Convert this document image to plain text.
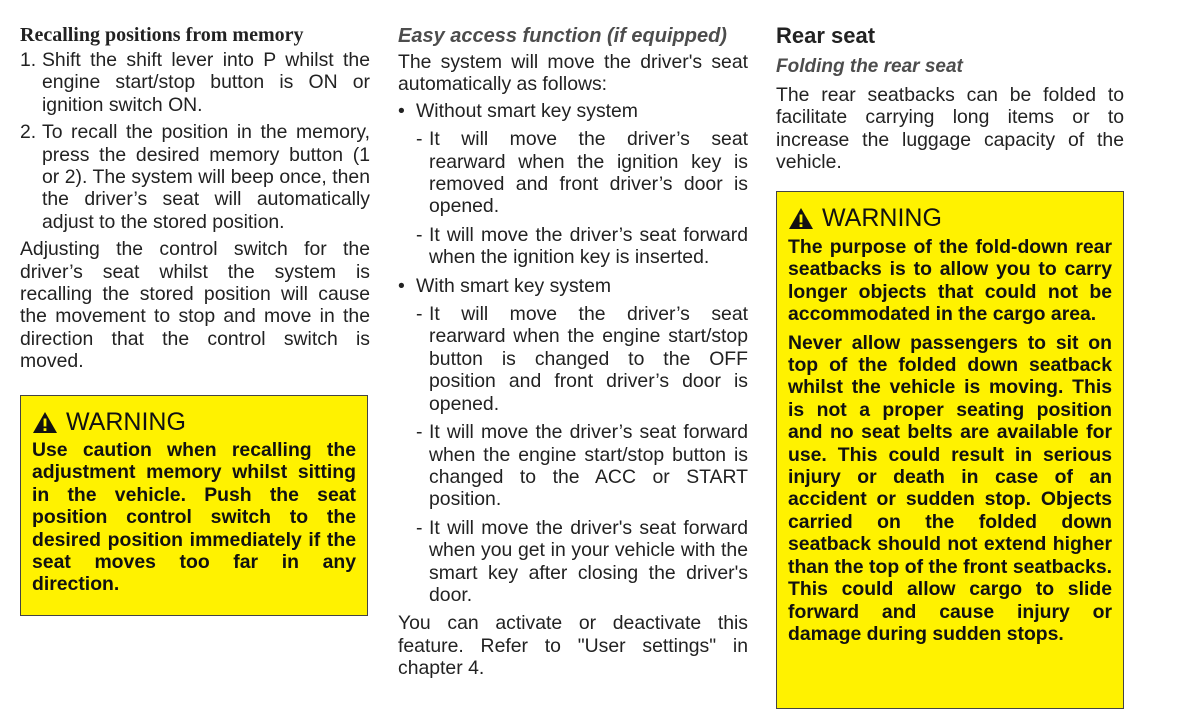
Recalling positions from memory
1. Shift the shift lever into P whilst the engine start/stop button is ON or ignition switch ON.
2. To recall the position in the memory, press the desired memory button (1 or 2). The system will beep once, then the driver’s seat will automatically adjust to the stored position.

Adjusting the control switch for the driver’s seat whilst the system is recalling the stored position will cause the movement to stop and move in the direction that the control switch is moved.

WARNING

Use caution when recalling the adjustment memory whilst sitting in the vehicle. Push the seat position control switch to the desired position immediately if the seat moves too far in any direction.

Easy access function (if equipped)

The system will move the driver's seat automatically as follows:

• Without smart key system
- It will move the driver’s seat rearward when the ignition key is removed and front driver’s door is opened.
- It will move the driver’s seat forward when the ignition key is inserted.
• With smart key system
- It will move the driver’s seat rearward when the engine start/stop button is changed to the OFF position and front driver’s door is opened.
- It will move the driver’s seat forward when the engine start/stop button is changed to the ACC or START position.
- It will move the driver's seat forward when you get in your vehicle with the smart key after closing the driver's door.

You can activate or deactivate this feature. Refer to "User settings" in chapter 4.

Rear seat
Folding the rear seat

The rear seatbacks can be folded to facilitate carrying long items or to increase the luggage capacity of the vehicle.

WARNING

The purpose of the fold-down rear seatbacks is to allow you to carry longer objects that could not be accommodated in the cargo area.

Never allow passengers to sit on top of the folded down seatback whilst the vehicle is moving. This is not a proper seating position and no seat belts are available for use. This could result in serious injury or death in case of an accident or sudden stop. Objects carried on the folded down seatback should not extend higher than the top of the front seatbacks. This could allow cargo to slide forward and cause injury or damage during sudden stops.
